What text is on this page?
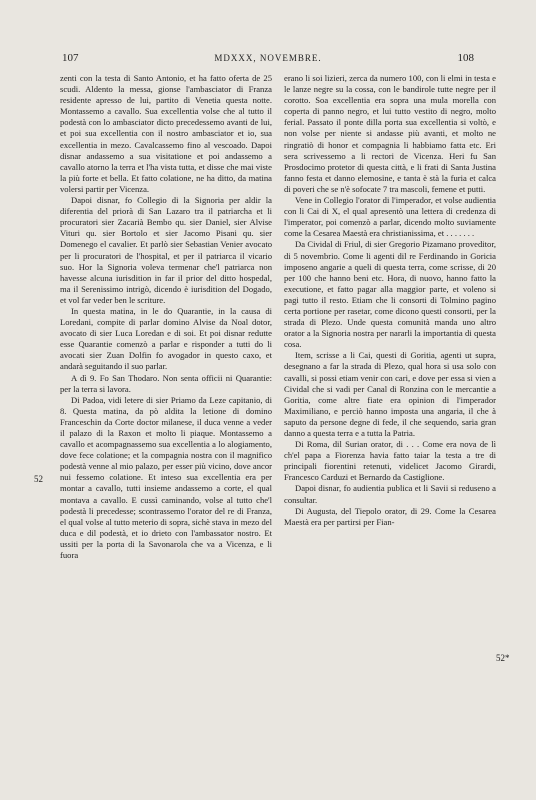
107	MDXXX, NOVEMBRE.	108
52
52*

zenti con la testa di Santo Antonio, et ha fatto oferta de 25 scudi. Aldento la messa, gionse l'ambasciator di Franza residente apresso de lui, partito di Venetia questa notte. Montassemo a cavallo. Sua excellentia volse che al tutto il podestà con lo ambasciator dicto precedessemo avanti de lui, et poi sua excellentia con il nostro ambasciator et io, sua excellentia in mezo. Cavalcassemo fino al vescoado. Dapoi disnar andassemo a sua visitatione et poi andassemo a cavallo atorno la terra et l'ha vista tutta, et disse che mai viste la più forte et bella. Et fatto colatione, ne ha ditto, da matina volersi partir per Vicenza.

Dapoi disnar, fo Collegio di la Signoria per aldir la diferentia del priorà di San Lazaro tra il patriarcha et li procuratori sier Zacarià Bembo qu. sier Daniel, sier Alvise Vituri qu. sier Bortolo et sier Jacomo Pisani qu. sier Domenego el cavalier. Et parlò sier Sebastian Venier avocato per li procuratori de l'hospital, et per il patriarca il vicario suo. Hor la Signoria voleva termenar che'l patriarca non havesse alcuna iurisdition in far il prior del ditto hospedal, ma il Serenissimo intrigò, dicendo è iurisdition del Dogado, et vol far veder ben le scriture.

In questa matina, in le do Quarantie, in la causa di Loredani, compite di parlar domino Alvise da Noal dotor, avocato di sier Luca Loredan e di soi. Et poi disnar redutte esse Quarantie comenzò a parlar e risponder a tutti do li avocati sier Zuan Dolfin fo avogador in questo caxo, et andarà seguitando il suo parlar.

A dì 9. Fo San Thodaro. Non senta officii ni Quarantie: per la terra si lavora.

Di Padoa, vidi letere di sier Priamo da Leze capitanio, di 8. Questa matina, da pò aldita la letione di domino Franceschin da Corte doctor milanese, il duca venne a veder il palazo di la Raxon et molto li piaque. Montassemo a cavallo et acompagnassemo sua excellentia a lo alogiamento, dove fece colatione; et la compagnia nostra con il magnifico podestà venne al mio palazo, per esser più vicino, dove ancor nui fessemo colatione. Et inteso sua excellentia era per montar a cavallo, tutti insieme andassemo a corte, el qual montava a cavallo. E cussì caminando, volse al tutto che'l podestà li precedesse; scontrassemo l'orator del re di Franza, el qual volse al tutto meterio di sopra, sichè stava in mezo del duca e dil podestà, et io drieto con l'ambassator nostro. Et ussiti per la porta di la Savonarola che va a Vicenza, e li fuora

erano li soi lizieri, zerca da numero 100, con li elmi in testa e le lanze negre su la cossa, con le bandirole tutte negre per il corotto. Soa excellentia era sopra una mula morella con coperta di panno negro, et lui tutto vestito di negro, molto ferial. Passato il ponte dilla porta sua excellentia si voltò, e non volse per niente si andasse più avanti, et molto ne ringratiò di honor et compagnia li habbiamo fatta etc. Eri sera scrivessemo a li rectori de Vicenza. Heri fu San Prosdocimo protetor di questa città, e li frati di Santa Justina fanno festa et danno elemosine, e tanta è stà la furia et calca di poveri che se n'è sofocate 7 tra mascoli, femene et putti.

Vene in Collegio l'orator di l'imperador, et volse audientia con li Cai di X, el qual apresentò una lettera di credenza di l'imperator, poi comenzò a parlar, dicendo molto suviamente come la Cesarea Maestà era christianissima, et . . . . . . .

Da Cividal di Friul, di sier Gregorio Pizamano proveditor, di 5 novembrio. Come li agenti dil re Ferdinando in Goricia imposeno angarie a queli di questa terra, come scrisse, di 20 per 100 che hanno beni etc. Hora, di nuovo, hanno fatto la executione, et fatto pagar alla maggior parte, et voleno si pagi tutto il resto. Etiam che li consorti di Tolmino pagino certa portione per rasetar, come dicono questi consorti, per la strada di Plezo. Unde questa comunità manda uno altro orator a la Signoria nostra per nararli la importantia di questa cosa.

Item, scrisse a li Cai, questi di Goritia, agenti ut supra, desegnano a far la strada di Plezo, qual hora si usa solo con cavalli, si possi etiam venir con cari, e dove per essa si vien a Cividal che si vadi per Canal di Ronzina con le mercantie a Goritia, come altre fiate era opinion di l'imperador Maximiliano, e perciò hanno imposta una angaria, il che à saputo da persone degne di fede, il che sequendo, saria gran danno a questa terra e a tutta la Patria.

Di Roma, dil Surian orator, di . . . Come era nova de lì ch'el papa a Fiorenza havia fatto taiar la testa a tre di principali fiorentini retenuti, videlicet Jacomo Girardi, Francesco Carduzi et Bernardo da Castiglione.

Dapoi disnar, fo audientia publica et li Savii si reduseno a consultar.

Di Augusta, del Tiepolo orator, di 29. Come la Cesarea Maestà era per partirsi per Fian-
